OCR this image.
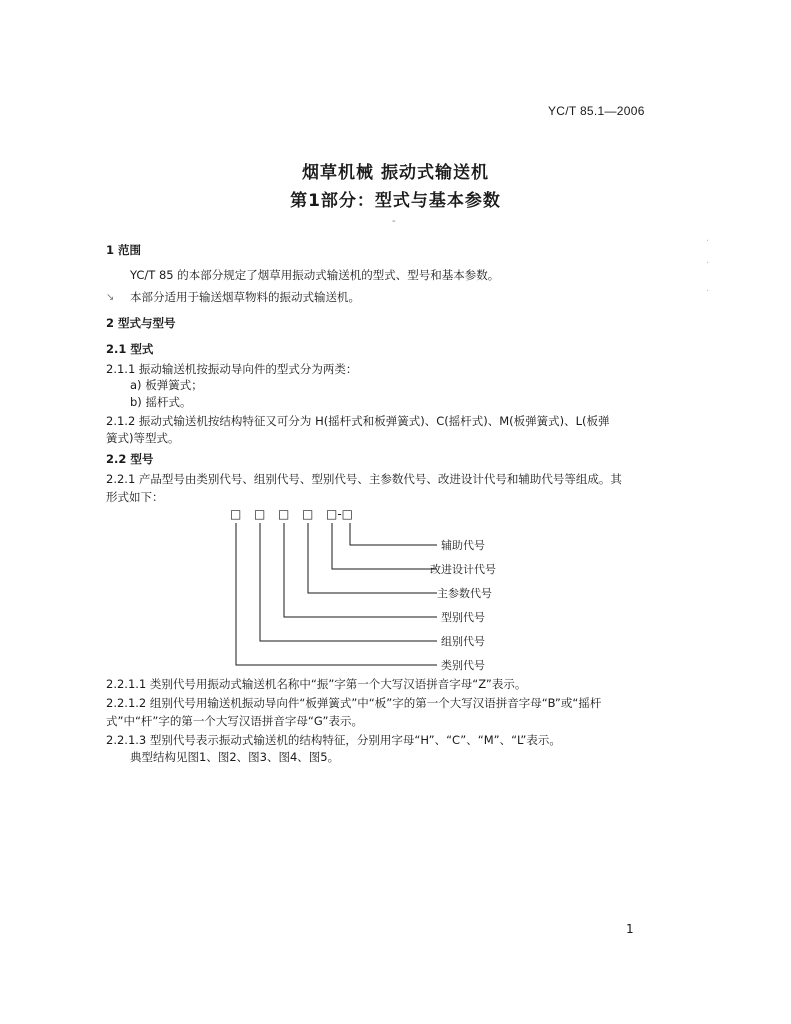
YC/T 85.1—2006
烟草机械 振动式输送机
第1部分：型式与基本参数
-
1 范围
YC/T 85 的本部分规定了烟草用振动式输送机的型式、型号和基本参数。
↘ 本部分适用于输送烟草物料的振动式输送机。
2 型式与型号
2.1 型式
2.1.1 振动输送机按振动导向件的型式分为两类：
a) 板弹簧式；
b) 摇杆式。
2.1.2 振动式输送机按结构特征又可分为 H(摇杆式和板弹簧式)、C(摇杆式)、M(板弹簧式)、L(板弹
簧式)等型式。
2.2 型号
2.2.1 产品型号由类别代号、组别代号、型别代号、主参数代号、改进设计代号和辅助代号等组成。其
形式如下：
□ □ □ □ □-□
辅助代号
改进设计代号
主参数代号
型别代号
组别代号
类别代号
2.2.1.1 类别代号用振动式输送机名称中“振”字第一个大写汉语拼音字母“Z”表示。
2.2.1.2 组别代号用输送机振动导向件“板弹簧式”中“板”字的第一个大写汉语拼音字母“B”或“摇杆
式”中“杆”字的第一个大写汉语拼音字母“G”表示。
2.2.1.3 型别代号表示振动式输送机的结构特征，分别用字母“H”、“C”、“M”、“L”表示。
典型结构见图1、图2、图3、图4、图5。
1
·
·
·
